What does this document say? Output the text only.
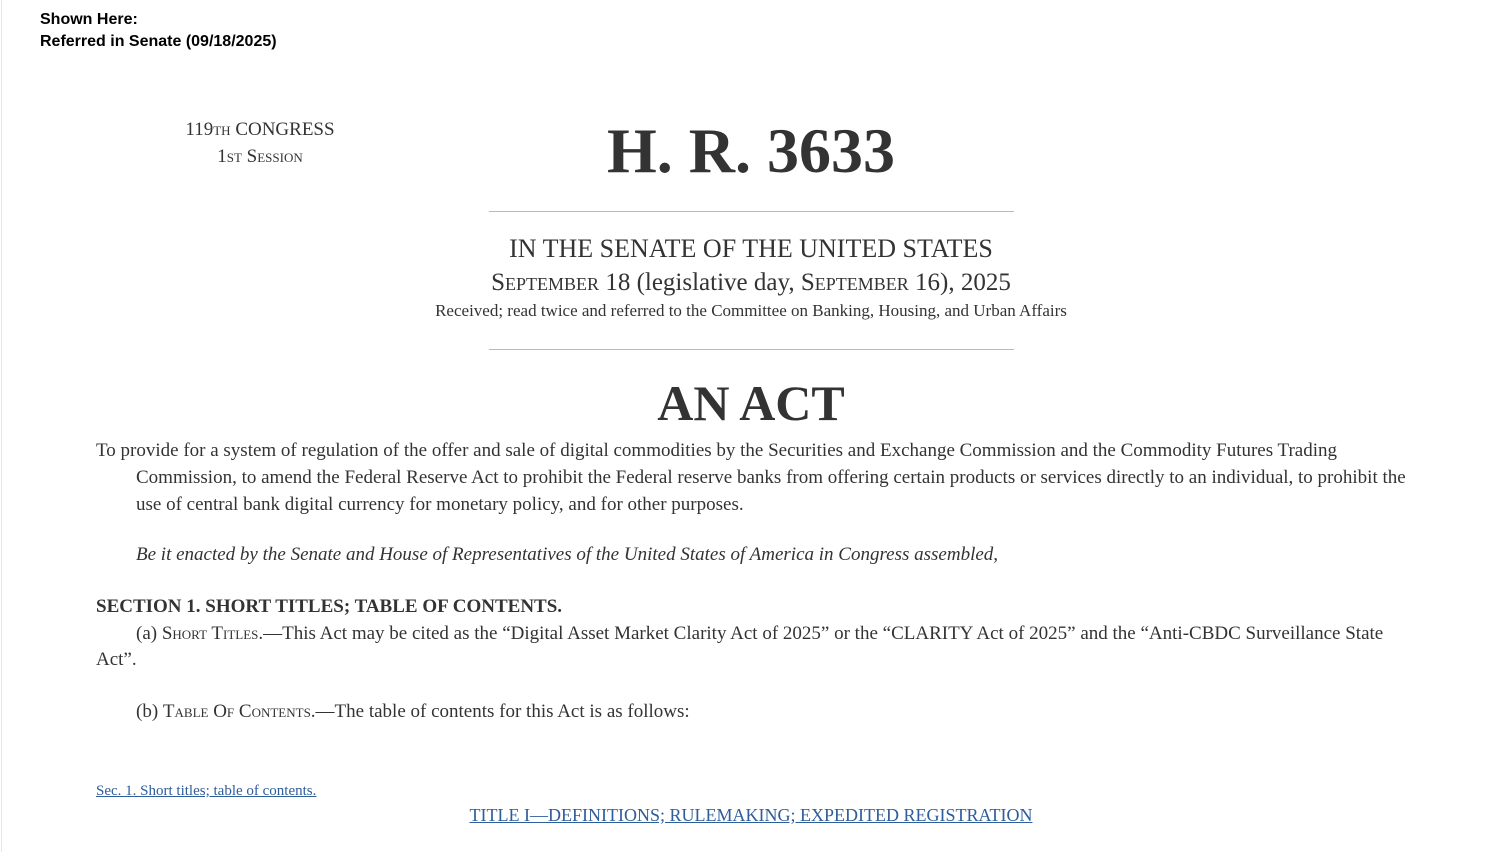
Shown Here:
Referred in Senate (09/18/2025)
119th CONGRESS
1st Session	H. R. 3633
IN THE SENATE OF THE UNITED STATES
September 18 (legislative day, September 16), 2025
Received; read twice and referred to the Committee on Banking, Housing, and Urban Affairs
AN ACT
To provide for a system of regulation of the offer and sale of digital commodities by the Securities and Exchange Commission and the Commodity Futures Trading Commission, to amend the Federal Reserve Act to prohibit the Federal reserve banks from offering certain products or services directly to an individual, to prohibit the use of central bank digital currency for monetary policy, and for other purposes.
Be it enacted by the Senate and House of Representatives of the United States of America in Congress assembled,
SECTION 1. SHORT TITLES; TABLE OF CONTENTS.
(a) Short Titles.—This Act may be cited as the “Digital Asset Market Clarity Act of 2025” or the “CLARITY Act of 2025” and the “Anti-CBDC Surveillance State Act”.
(b) Table Of Contents.—The table of contents for this Act is as follows:
Sec. 1. Short titles; table of contents.
TITLE I—DEFINITIONS; RULEMAKING; EXPEDITED REGISTRATION
